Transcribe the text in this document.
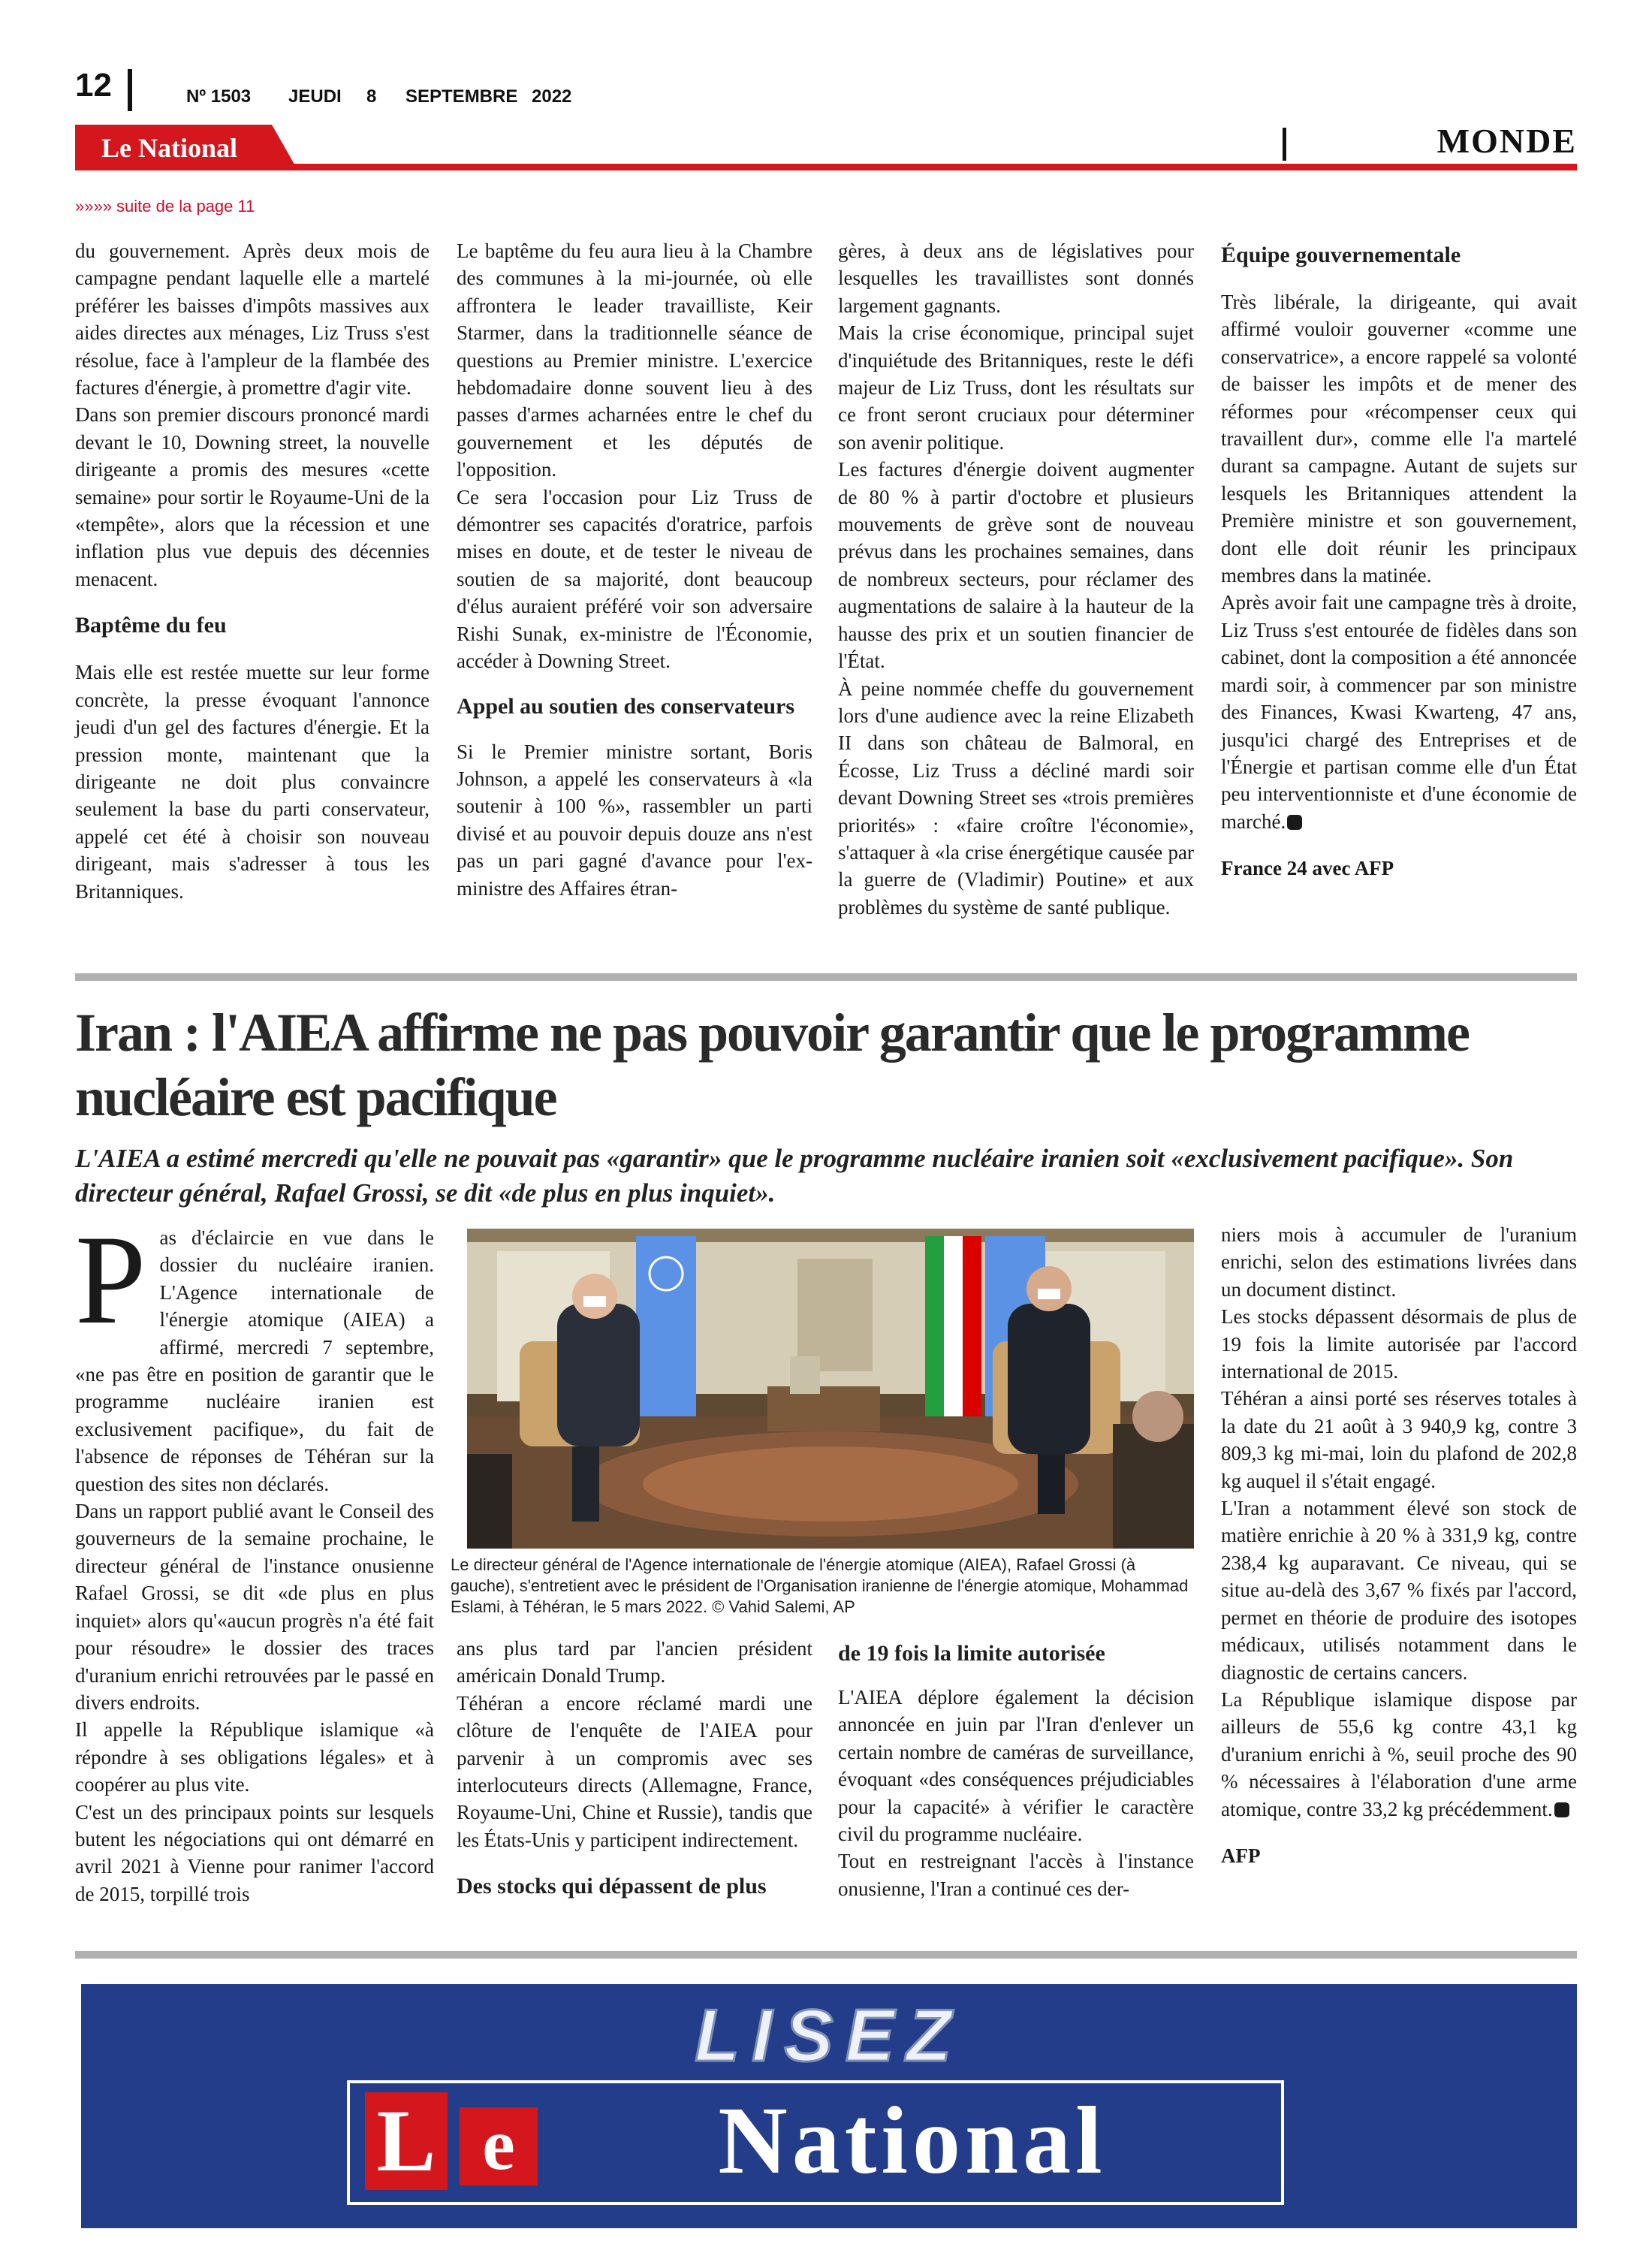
12	Nº 1503 JEUDI 8 SEPTEMBRE 2022
Le National	MONDE
»»»» suite de la page 11

du gouvernement. Après deux mois de campagne pendant laquelle elle a martelé préférer les baisses d'impôts massives aux aides directes aux ménages, Liz Truss s'est résolue, face à l'ampleur de la flambée des factures d'énergie, à promettre d'agir vite.

Dans son premier discours prononcé mardi devant le 10, Downing street, la nouvelle dirigeante a promis des mesures «cette semaine» pour sortir le Royaume-Uni de la «tempête», alors que la récession et une inflation plus vue depuis des décennies menacent.

Baptême du feu

Mais elle est restée muette sur leur forme concrète, la presse évoquant l'annonce jeudi d'un gel des factures d'énergie. Et la pression monte, maintenant que la dirigeante ne doit plus convaincre seulement la base du parti conservateur, appelé cet été à choisir son nouveau dirigeant, mais s'adresser à tous les Britanniques.

Le baptême du feu aura lieu à la Chambre des communes à la mi-journée, où elle affrontera le leader travailliste, Keir Starmer, dans la traditionnelle séance de questions au Premier ministre. L'exercice hebdomadaire donne souvent lieu à des passes d'armes acharnées entre le chef du gouvernement et les députés de l'opposition.

Ce sera l'occasion pour Liz Truss de démontrer ses capacités d'oratrice, parfois mises en doute, et de tester le niveau de soutien de sa majorité, dont beaucoup d'élus auraient préféré voir son adversaire Rishi Sunak, ex-ministre de l'Économie, accéder à Downing Street.

Appel au soutien des conservateurs

Si le Premier ministre sortant, Boris Johnson, a appelé les conservateurs à «la soutenir à 100 %», rassembler un parti divisé et au pouvoir depuis douze ans n'est pas un pari gagné d'avance pour l'ex-ministre des Affaires étran-

gères, à deux ans de législatives pour lesquelles les travaillistes sont donnés largement gagnants.

Mais la crise économique, principal sujet d'inquiétude des Britanniques, reste le défi majeur de Liz Truss, dont les résultats sur ce front seront cruciaux pour déterminer son avenir politique.

Les factures d'énergie doivent augmenter de 80 % à partir d'octobre et plusieurs mouvements de grève sont de nouveau prévus dans les prochaines semaines, dans de nombreux secteurs, pour réclamer des augmentations de salaire à la hauteur de la hausse des prix et un soutien financier de l'État.

À peine nommée cheffe du gouvernement lors d'une audience avec la reine Elizabeth II dans son château de Balmoral, en Écosse, Liz Truss a décliné mardi soir devant Downing Street ses «trois premières priorités» : «faire croître l'économie», s'attaquer à «la crise énergétique causée par la guerre de (Vladimir) Poutine» et aux problèmes du système de santé publique.

Équipe gouvernementale

Très libérale, la dirigeante, qui avait affirmé vouloir gouverner «comme une conservatrice», a encore rappelé sa volonté de baisser les impôts et de mener des réformes pour «récompenser ceux qui travaillent dur», comme elle l'a martelé durant sa campagne. Autant de sujets sur lesquels les Britanniques attendent la Première ministre et son gouvernement, dont elle doit réunir les principaux membres dans la matinée.

Après avoir fait une campagne très à droite, Liz Truss s'est entourée de fidèles dans son cabinet, dont la composition a été annoncée mardi soir, à commencer par son ministre des Finances, Kwasi Kwarteng, 47 ans, jusqu'ici chargé des Entreprises et de l'Énergie et partisan comme elle d'un État peu interventionniste et d'une économie de marché.

France 24 avec AFP

Iran : l'AIEA affirme ne pas pouvoir garantir que le programme nucléaire est pacifique

L'AIEA a estimé mercredi qu'elle ne pouvait pas «garantir» que le programme nucléaire iranien soit «exclusivement pacifique». Son directeur général, Rafael Grossi, se dit «de plus en plus inquiet».

Pas d'éclaircie en vue dans le dossier du nucléaire iranien. L'Agence internationale de l'énergie atomique (AIEA) a affirmé, mercredi 7 septembre, «ne pas être en position de garantir que le programme nucléaire iranien est exclusivement pacifique», du fait de l'absence de réponses de Téhéran sur la question des sites non déclarés.

Dans un rapport publié avant le Conseil des gouverneurs de la semaine prochaine, le directeur général de l'instance onusienne Rafael Grossi, se dit «de plus en plus inquiet» alors qu'«aucun progrès n'a été fait pour résoudre» le dossier des traces d'uranium enrichi retrouvées par le passé en divers endroits.

Il appelle la République islamique «à répondre à ses obligations légales» et à coopérer au plus vite.

C'est un des principaux points sur lesquels butent les négociations qui ont démarré en avril 2021 à Vienne pour ranimer l'accord de 2015, torpillé trois

Le directeur général de l'Agence internationale de l'énergie atomique (AIEA), Rafael Grossi (à gauche), s'entretient avec le président de l'Organisation iranienne de l'énergie atomique, Mohammad Eslami, à Téhéran, le 5 mars 2022. © Vahid Salemi, AP

ans plus tard par l'ancien président américain Donald Trump.

Téhéran a encore réclamé mardi une clôture de l'enquête de l'AIEA pour parvenir à un compromis avec ses interlocuteurs directs (Allemagne, France, Royaume-Uni, Chine et Russie), tandis que les États-Unis y participent indirectement.

Des stocks qui dépassent de plus
de 19 fois la limite autorisée

L'AIEA déplore également la décision annoncée en juin par l'Iran d'enlever un certain nombre de caméras de surveillance, évoquant «des conséquences préjudiciables pour la capacité» à vérifier le caractère civil du programme nucléaire.

Tout en restreignant l'accès à l'instance onusienne, l'Iran a continué ces der-

niers mois à accumuler de l'uranium enrichi, selon des estimations livrées dans un document distinct.

Les stocks dépassent désormais de plus de 19 fois la limite autorisée par l'accord international de 2015.

Téhéran a ainsi porté ses réserves totales à la date du 21 août à 3 940,9 kg, contre 3 809,3 kg mi-mai, loin du plafond de 202,8 kg auquel il s'était engagé.

L'Iran a notamment élevé son stock de matière enrichie à 20 % à 331,9 kg, contre 238,4 kg auparavant. Ce niveau, qui se situe au-delà des 3,67 % fixés par l'accord, permet en théorie de produire des isotopes médicaux, utilisés notamment dans le diagnostic de certains cancers.

La République islamique dispose par ailleurs de 55,6 kg contre 43,1 kg d'uranium enrichi à %, seuil proche des 90 % nécessaires à l'élaboration d'une arme atomique, contre 33,2 kg précédemment.

AFP

LISEZ
L e	National
